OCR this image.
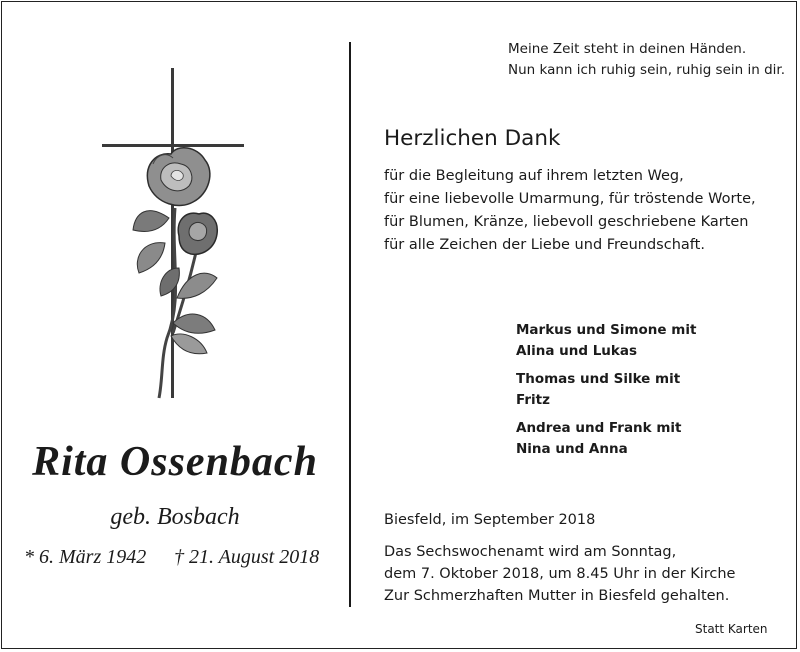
Rita Ossenbach
geb. Bosbach
* 6. März 1942 † 21. August 2018
Meine Zeit steht in deinen Händen.
Nun kann ich ruhig sein, ruhig sein in dir.
Herzlichen Dank
für die Begleitung auf ihrem letzten Weg,
für eine liebevolle Umarmung, für tröstende Worte,
für Blumen, Kränze, liebevoll geschriebene Karten
für alle Zeichen der Liebe und Freundschaft.
Markus und Simone mit
Alina und Lukas
Thomas und Silke mit
Fritz
Andrea und Frank mit
Nina und Anna
Biesfeld, im September 2018
Das Sechswochenamt wird am Sonntag,
dem 7. Oktober 2018, um 8.45 Uhr in der Kirche
Zur Schmerzhaften Mutter in Biesfeld gehalten.
Statt Karten
